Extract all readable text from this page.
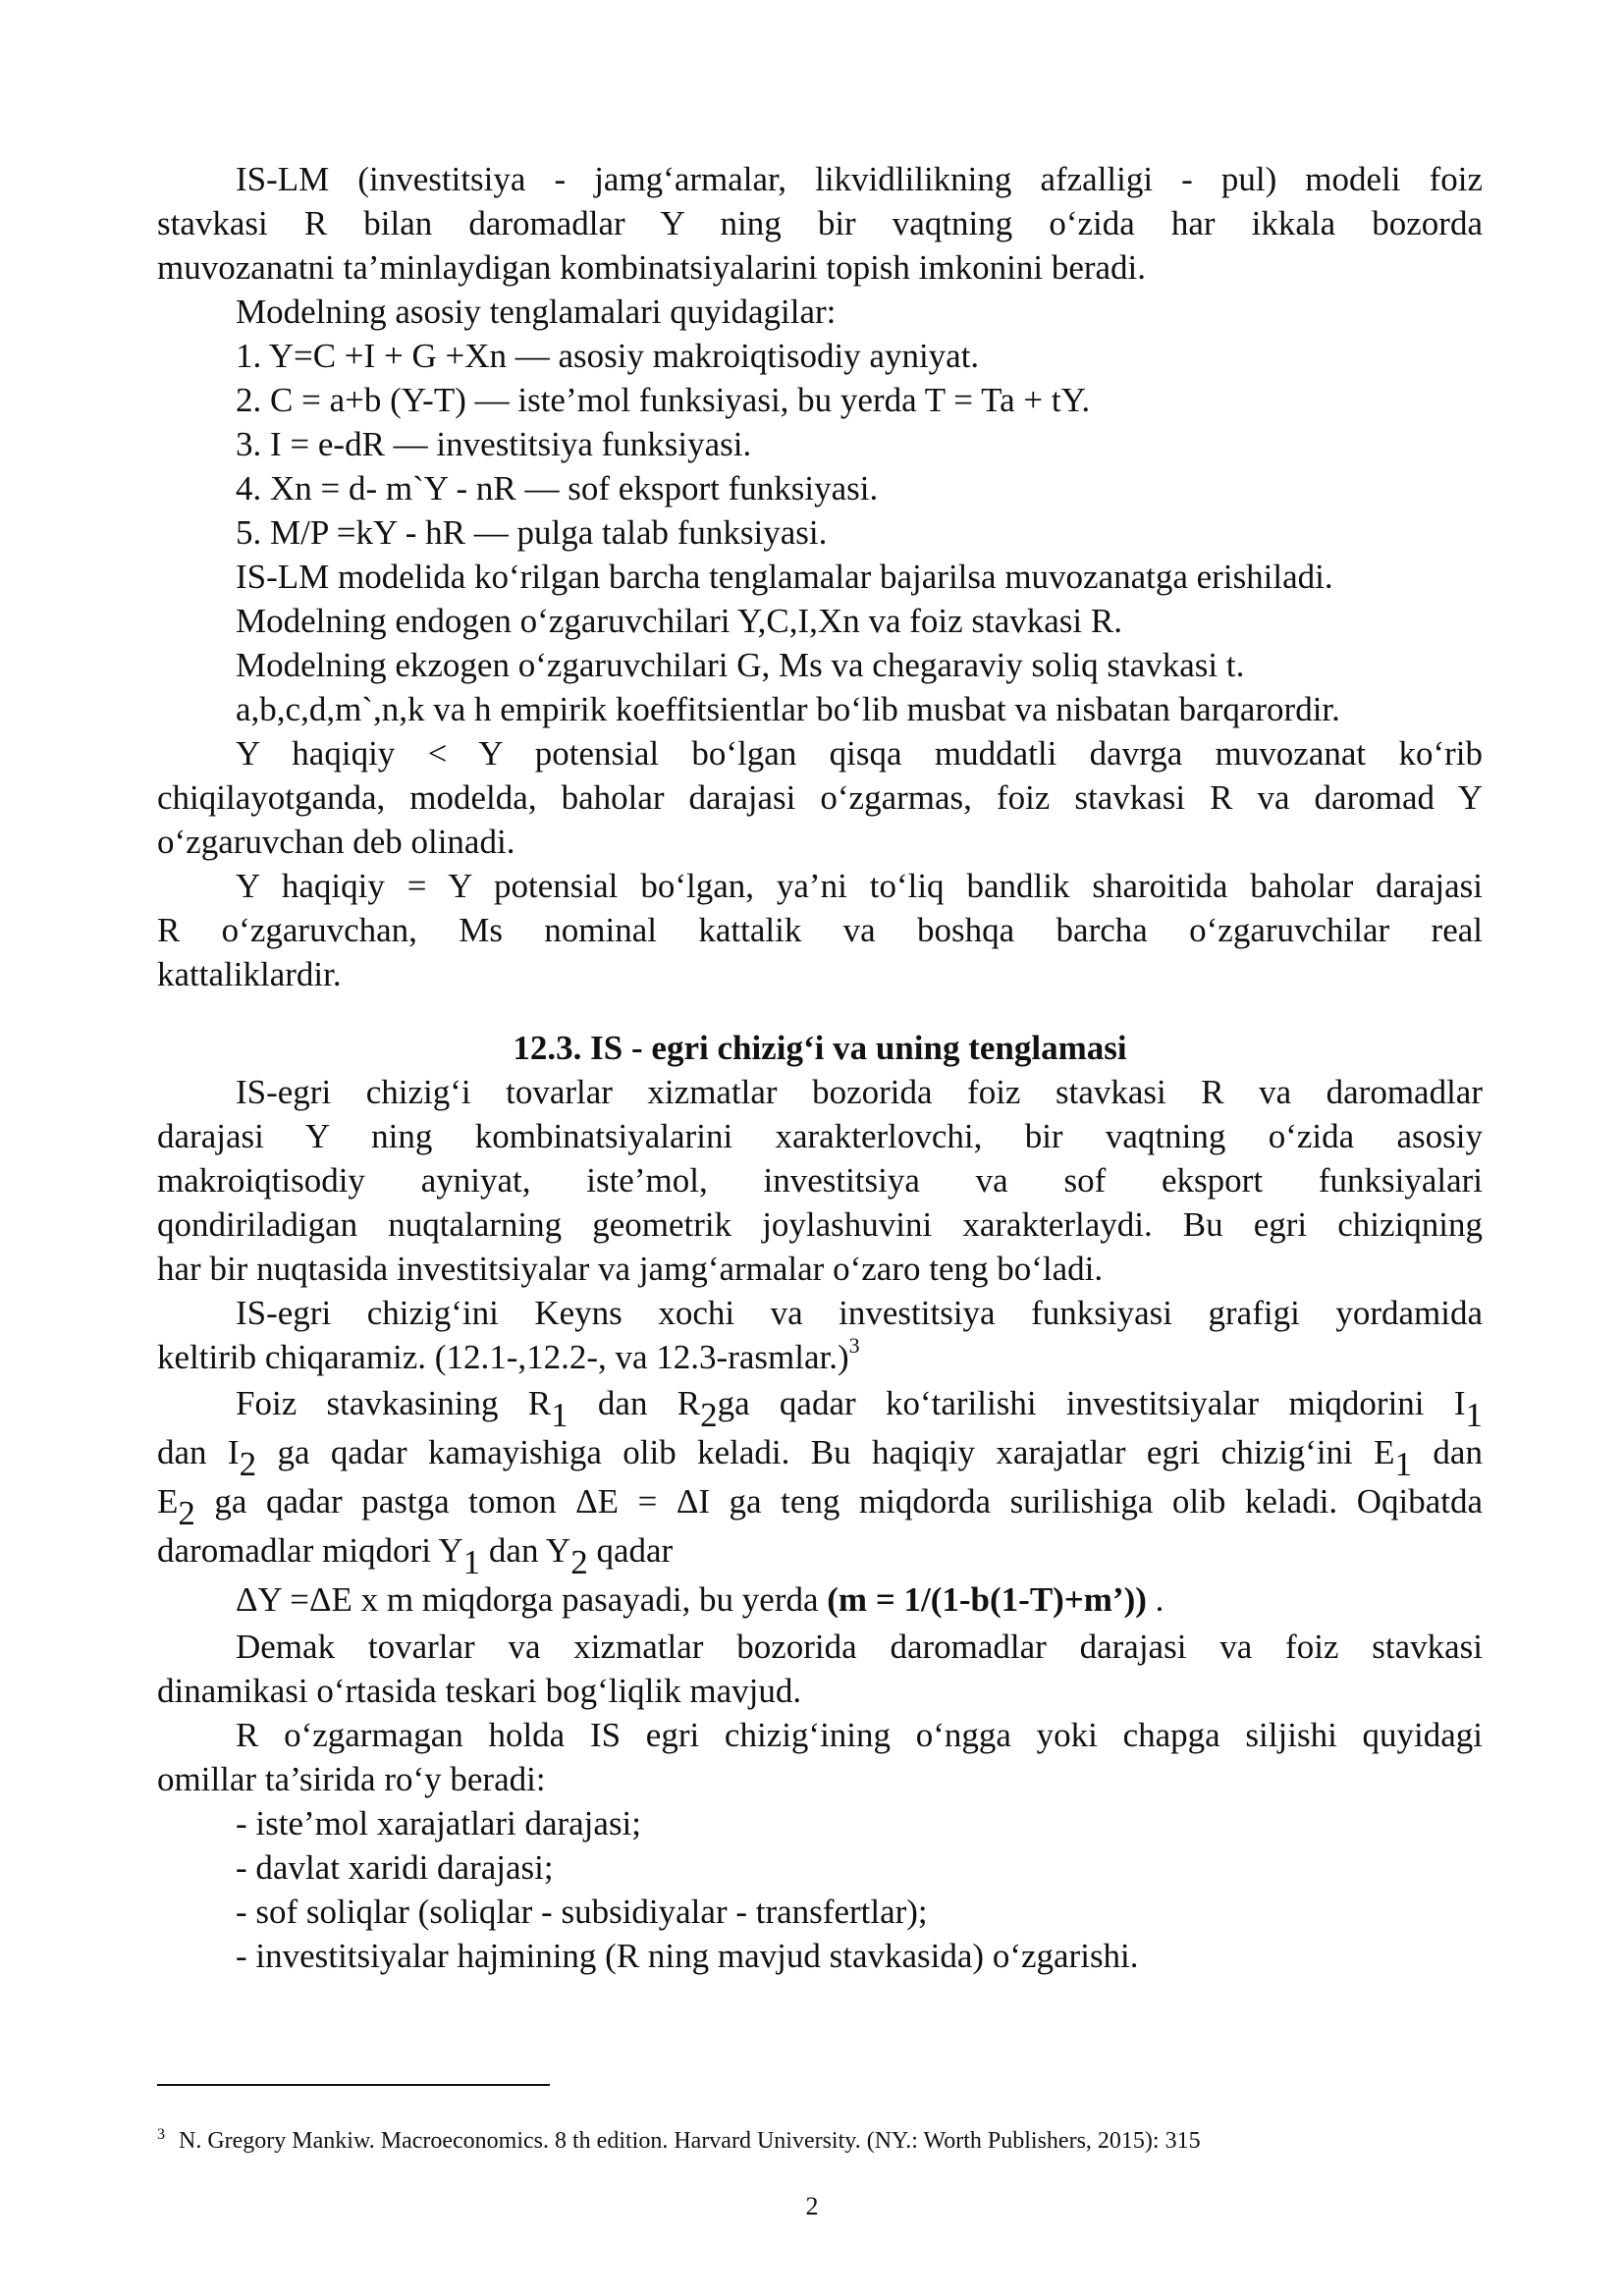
IS-LM (investitsiya - jamg‘armalar, likvidlilikning afzalligi - pul) modeli foiz
stavkasi R bilan daromadlar Y ning bir vaqtning o‘zida har ikkala bozorda
muvozanatni ta’minlaydigan kombinatsiyalarini topish imkonini beradi.
Modelning asosiy tenglamalari quyidagilar:
1. Y=C +I + G +Xn — asosiy makroiqtisodiy ayniyat.
2. C = a+b (Y-T) — iste’mol funksiyasi, bu yerda T = Ta + tY.
3. I = e-dR — investitsiya funksiyasi.
4. Xn = d- m`Y - nR — sof eksport funksiyasi.
5. M/P =kY - hR — pulga talab funksiyasi.
IS-LM modelida ko‘rilgan barcha tenglamalar bajarilsa muvozanatga erishiladi.
Modelning endogen o‘zgaruvchilari Y,C,I,Xn va foiz stavkasi R.
Modelning ekzogen o‘zgaruvchilari G, Ms va chegaraviy soliq stavkasi t.
a,b,c,d,m`,n,k va h empirik koeffitsientlar bo‘lib musbat va nisbatan barqarordir.
Y haqiqiy < Y potensial bo‘lgan qisqa muddatli davrga muvozanat ko‘rib
chiqilayotganda, modelda, baholar darajasi o‘zgarmas, foiz stavkasi R va daromad Y
o‘zgaruvchan deb olinadi.
Y haqiqiy = Y potensial bo‘lgan, ya’ni to‘liq bandlik sharoitida baholar darajasi
R o‘zgaruvchan, Ms nominal kattalik va boshqa barcha o‘zgaruvchilar real
kattaliklardir.
12.3. IS - egri chizig‘i va uning tenglamasi
IS-egri chizig‘i tovarlar xizmatlar bozorida foiz stavkasi R va daromadlar
darajasi Y ning kombinatsiyalarini xarakterlovchi, bir vaqtning o‘zida asosiy
makroiqtisodiy ayniyat, iste’mol, investitsiya va sof eksport funksiyalari
qondiriladigan nuqtalarning geometrik joylashuvini xarakterlaydi. Bu egri chiziqning
har bir nuqtasida investitsiyalar va jamg‘armalar o‘zaro teng bo‘ladi.
IS-egri chizig‘ini Keyns xochi va investitsiya funksiyasi grafigi yordamida
keltirib chiqaramiz. (12.1-,12.2-, va 12.3-rasmlar.)$^3$
Foiz stavkasining R1 dan R2ga qadar ko‘tarilishi investitsiyalar miqdorini I1
dan I2 ga qadar kamayishiga olib keladi. Bu haqiqiy xarajatlar egri chizig‘ini E1 dan
E2 ga qadar pastga tomon ΔE = ΔI ga teng miqdorda surilishiga olib keladi. Oqibatda
daromadlar miqdori Y1 dan Y2 qadar
ΔY =ΔE x m miqdorga pasayadi, bu yerda (m = 1/(1-b(1-T)+m’)) .
Demak tovarlar va xizmatlar bozorida daromadlar darajasi va foiz stavkasi
dinamikasi o‘rtasida teskari bog‘liqlik mavjud.
R o‘zgarmagan holda IS egri chizig‘ining o‘ngga yoki chapga siljishi quyidagi
omillar ta’sirida ro‘y beradi:
- iste’mol xarajatlari darajasi;
- davlat xaridi darajasi;
- sof soliqlar (soliqlar - subsidiyalar - transfertlar);
- investitsiyalar hajmining (R ning mavjud stavkasida) o‘zgarishi.
$^3$ N. Gregory Mankiw. Macroeconomics. 8 th edition. Harvard University. (NY.: Worth Publishers, 2015): 315
2
